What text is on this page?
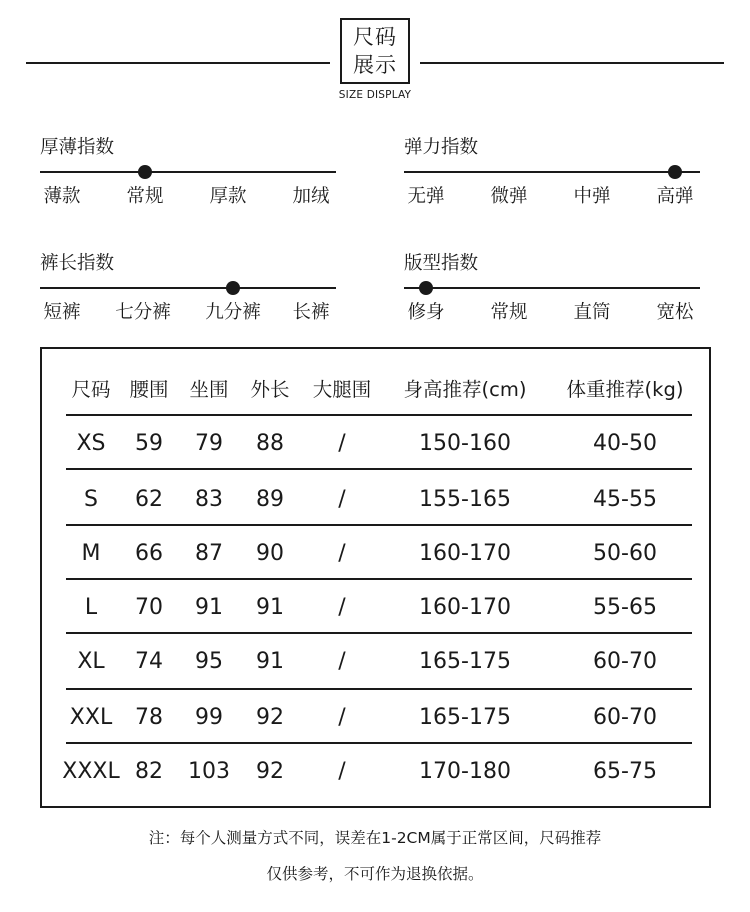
尺码
展示
SIZE DISPLAY
厚薄指数
薄款	常规	厚款	加绒
弹力指数
无弹	微弹	中弹	高弹
裤长指数
短裤	七分裤 九分裤	长裤
版型指数
修身	常规	直筒	宽松
尺码 腰围	坐围	外长	大腿围	身高推荐(cm)	体重推荐(kg)
XS	59	79	88	/	150-160	40-50
S	62	83	89	/	155-165	45-55
M	66	87	90	/	160-170	50-60
L	70	91	91	/	160-170	55-65
XL	74	95	91	/	165-175	60-70
XXL	78	99	92	/	165-175	60-70
XXXL 82	103	92	/	170-180	65-75
注：每个人测量方式不同，误差在1-2CM属于正常区间，尺码推荐
仅供参考，不可作为退换依据。
